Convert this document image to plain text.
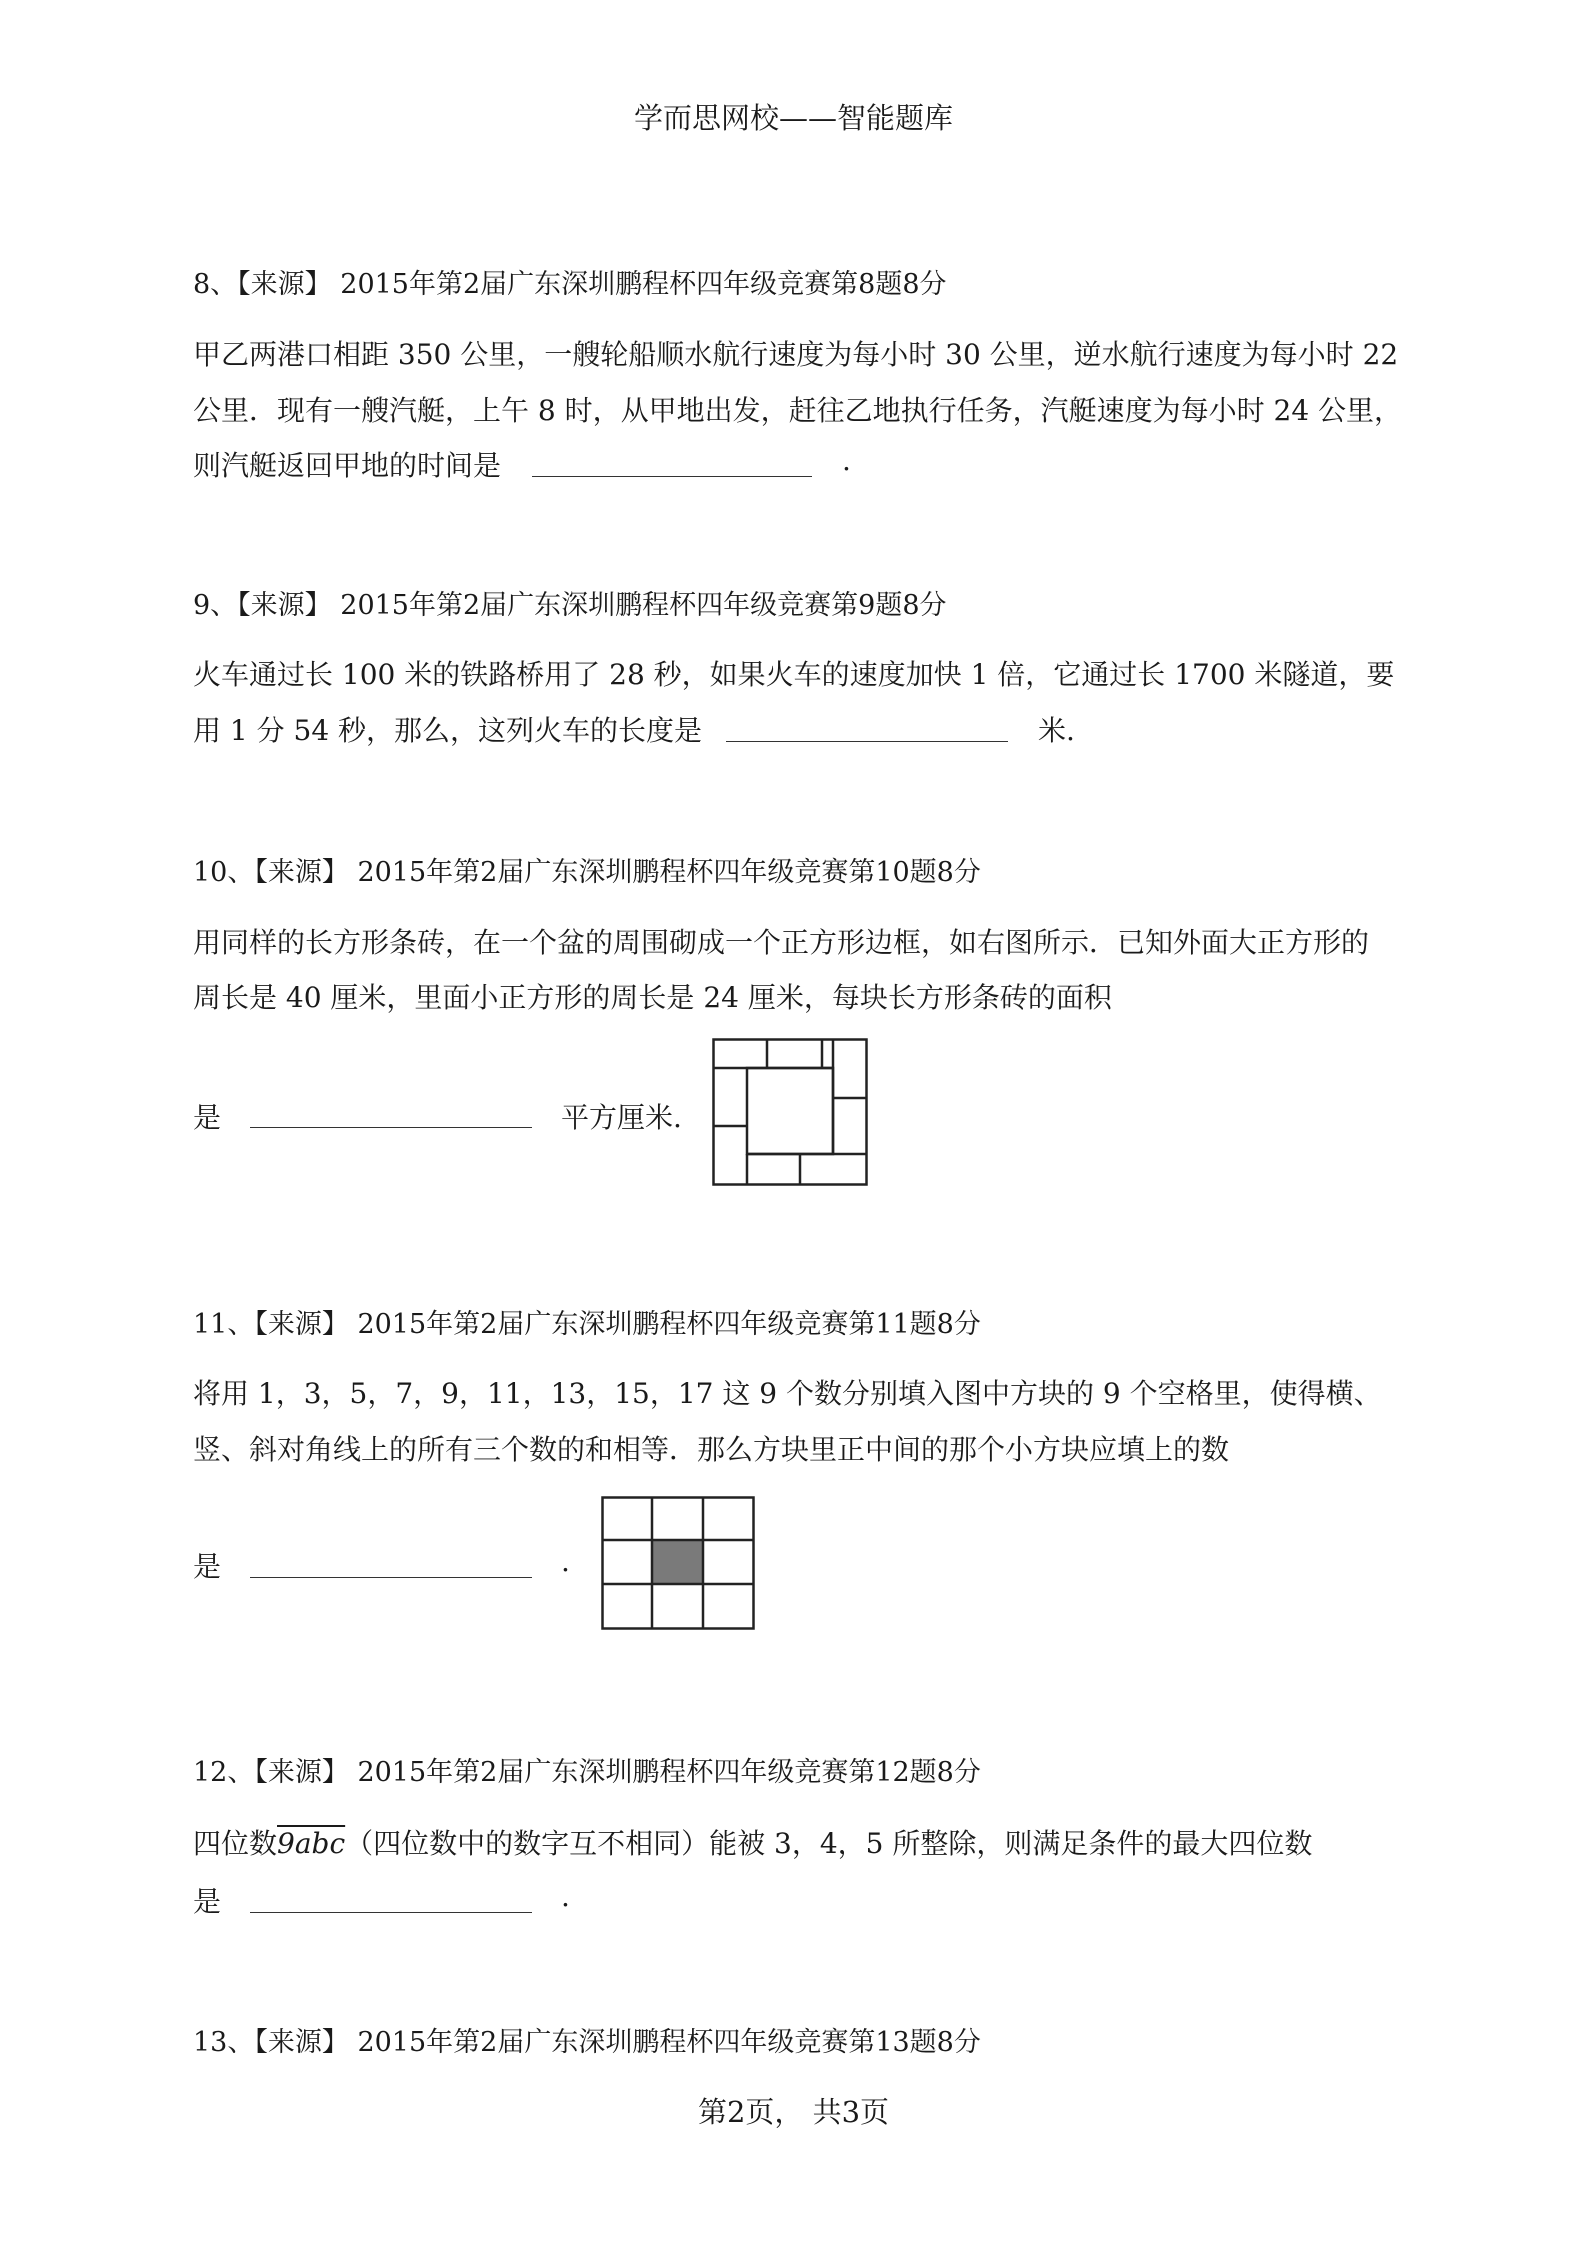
学而思网校——智能题库
8、【来源】 2015年第2届广东深圳鹏程杯四年级竞赛第8题8分
甲乙两港口相距 350 公里，一艘轮船顺水航行速度为每小时 30 公里，逆水航行速度为每小时 22
公里．现有一艘汽艇，上午 8 时，从甲地出发，赶往乙地执行任务，汽艇速度为每小时 24 公里，
则汽艇返回甲地的时间是	.
9、【来源】 2015年第2届广东深圳鹏程杯四年级竞赛第9题8分
火车通过长 100 米的铁路桥用了 28 秒，如果火车的速度加快 1 倍，它通过长 1700 米隧道，要
用 1 分 54 秒，那么，这列火车的长度是	米.
10、【来源】 2015年第2届广东深圳鹏程杯四年级竞赛第10题8分
用同样的长方形条砖，在一个盆的周围砌成一个正方形边框，如右图所示．已知外面大正方形的
周长是 40 厘米，里面小正方形的周长是 24 厘米，每块长方形条砖的面积
是	平方厘米.
11、【来源】 2015年第2届广东深圳鹏程杯四年级竞赛第11题8分
将用 1，3，5，7，9，11，13，15，17 这 9 个数分别填入图中方块的 9 个空格里，使得横、
竖、斜对角线上的所有三个数的和相等．那么方块里正中间的那个小方块应填上的数
是	.
12、【来源】 2015年第2届广东深圳鹏程杯四年级竞赛第12题8分
四位数9abc（四位数中的数字互不相同）能被 3，4，5 所整除，则满足条件的最大四位数
是	.
13、【来源】 2015年第2届广东深圳鹏程杯四年级竞赛第13题8分
第2页， 共3页
